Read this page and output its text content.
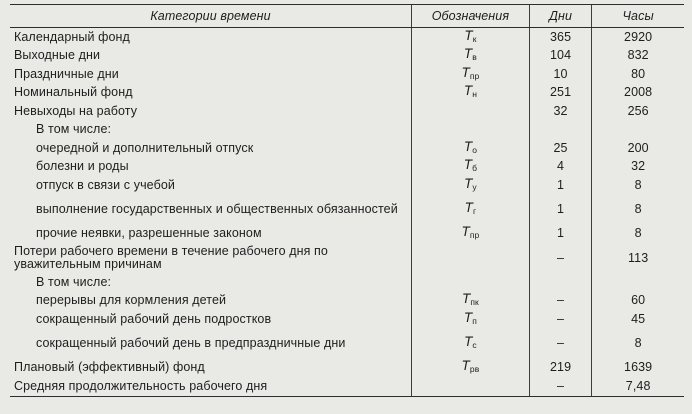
Категории времени	Обозначения	Дни	Часы
Календарный фонд	$T_к$	365	2920
Выходные дни	$T_в$	104	832
Праздничные дни	$T_{пр}$	10	80
Номинальный фонд	$T_н$	251	2008
Невыходы на работу		32	256
В том числе:			
очередной и дополнительный отпуск	$T_о$	25	200
болезни и роды	$T_б$	4	32
отпуск в связи с учебой	$T_у$	1	8
выполнение государственных и общественных обязанностей	$T_г$	1	8
прочие неявки, разрешенные законом	$T_{пр}$	1	8
Потери рабочего времени в течение рабочего дня по уважительным причинам		–	113
В том числе:			
перерывы для кормления детей	$T_{пк}$	–	60
сокращенный рабочий день подростков	$T_п$	–	45
сокращенный рабочий день в предпраздничные дни	$T_с$	–	8
Плановый (эффективный) фонд	$T_{рв}$	219	1639
Средняя продолжительность рабочего дня		–	7,48
